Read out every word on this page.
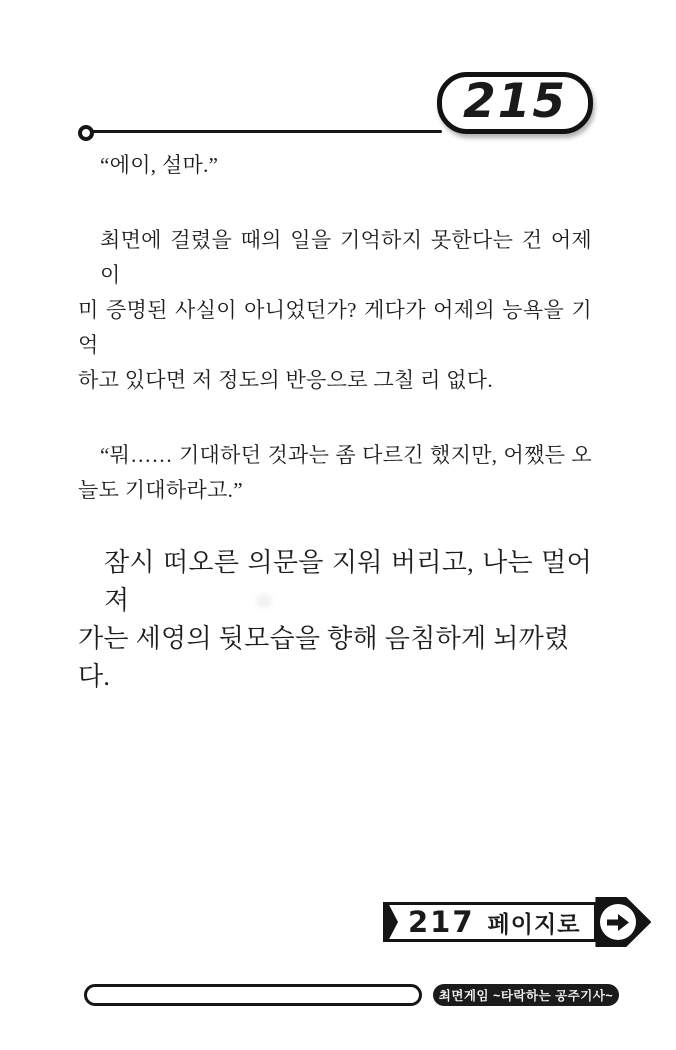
215

“에이, 설마.”

최면에 걸렸을 때의 일을 기억하지 못한다는 건 어제 이
미 증명된 사실이 아니었던가? 게다가 어제의 능욕을 기억
하고 있다면 저 정도의 반응으로 그칠 리 없다.

“뭐…… 기대하던 것과는 좀 다르긴 했지만, 어쨌든 오
늘도 기대하라고.”

잠시 떠오른 의문을 지워 버리고, 나는 멀어져
가는 세영의 뒷모습을 향해 음침하게 뇌까렸다.

217 페이지로
최면게임 ~타락하는 공주기사~
